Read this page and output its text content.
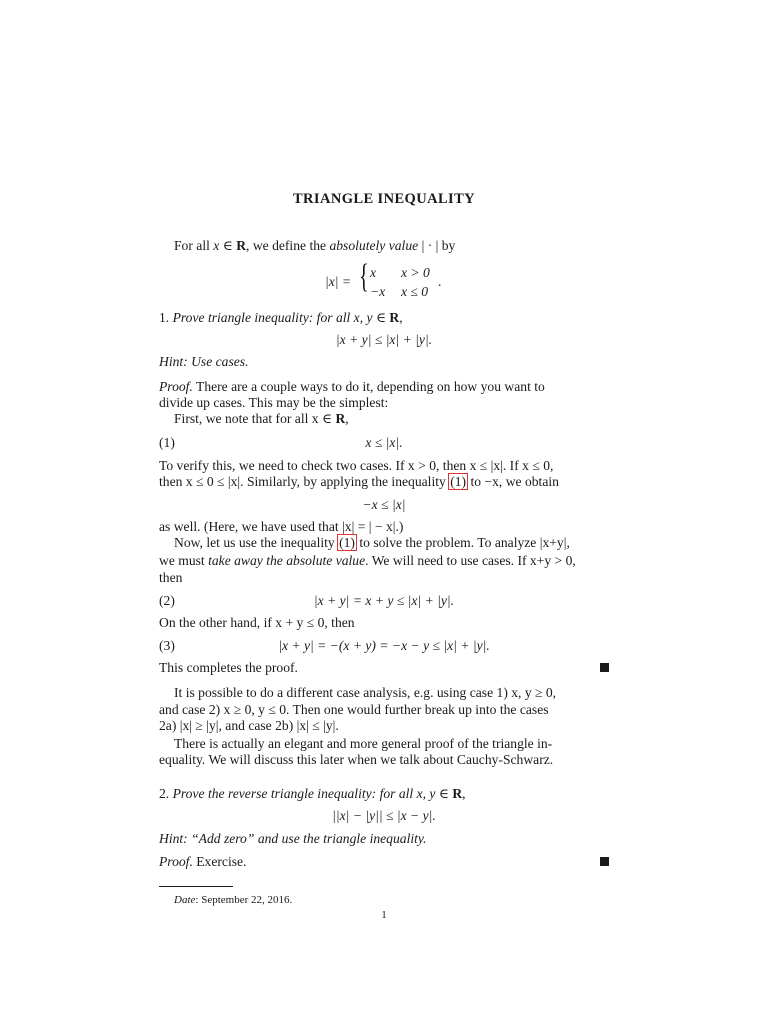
TRIANGLE INEQUALITY
For all x ∈ R, we define the absolutely value | · | by
|x| = { x x > 0
−x x ≤ 0
.
1. Prove triangle inequality: for all x, y ∈ R,
|x + y| ≤ |x| + |y|.
Hint: Use cases.
Proof. There are a couple ways to do it, depending on how you want to
divide up cases. This may be the simplest:
First, we note that for all x ∈ R,
(1)	x ≤ |x|.
To verify this, we need to check two cases. If x > 0, then x ≤ |x|. If x ≤ 0,
then x ≤ 0 ≤ |x|. Similarly, by applying the inequality (1) to −x, we obtain
−x ≤ |x|
as well. (Here, we have used that |x| = | − x|.)
Now, let us use the inequality (1) to solve the problem. To analyze |x+y|,
we must take away the absolute value. We will need to use cases. If x+y > 0,
then
(2)	|x + y| = x + y ≤ |x| + |y|.
On the other hand, if x + y ≤ 0, then
(3)	|x + y| = −(x + y) = −x − y ≤ |x| + |y|.
This completes the proof.
It is possible to do a different case analysis, e.g. using case 1) x, y ≥ 0,
and case 2) x ≥ 0, y ≤ 0. Then one would further break up into the cases
2a) |x| ≥ |y|, and case 2b) |x| ≤ |y|.
There is actually an elegant and more general proof of the triangle in-
equality. We will discuss this later when we talk about Cauchy-Schwarz.
2. Prove the reverse triangle inequality: for all x, y ∈ R,
||x| − |y|| ≤ |x − y|.
Hint: “Add zero” and use the triangle inequality.
Proof. Exercise.
Date: September 22, 2016.
1
